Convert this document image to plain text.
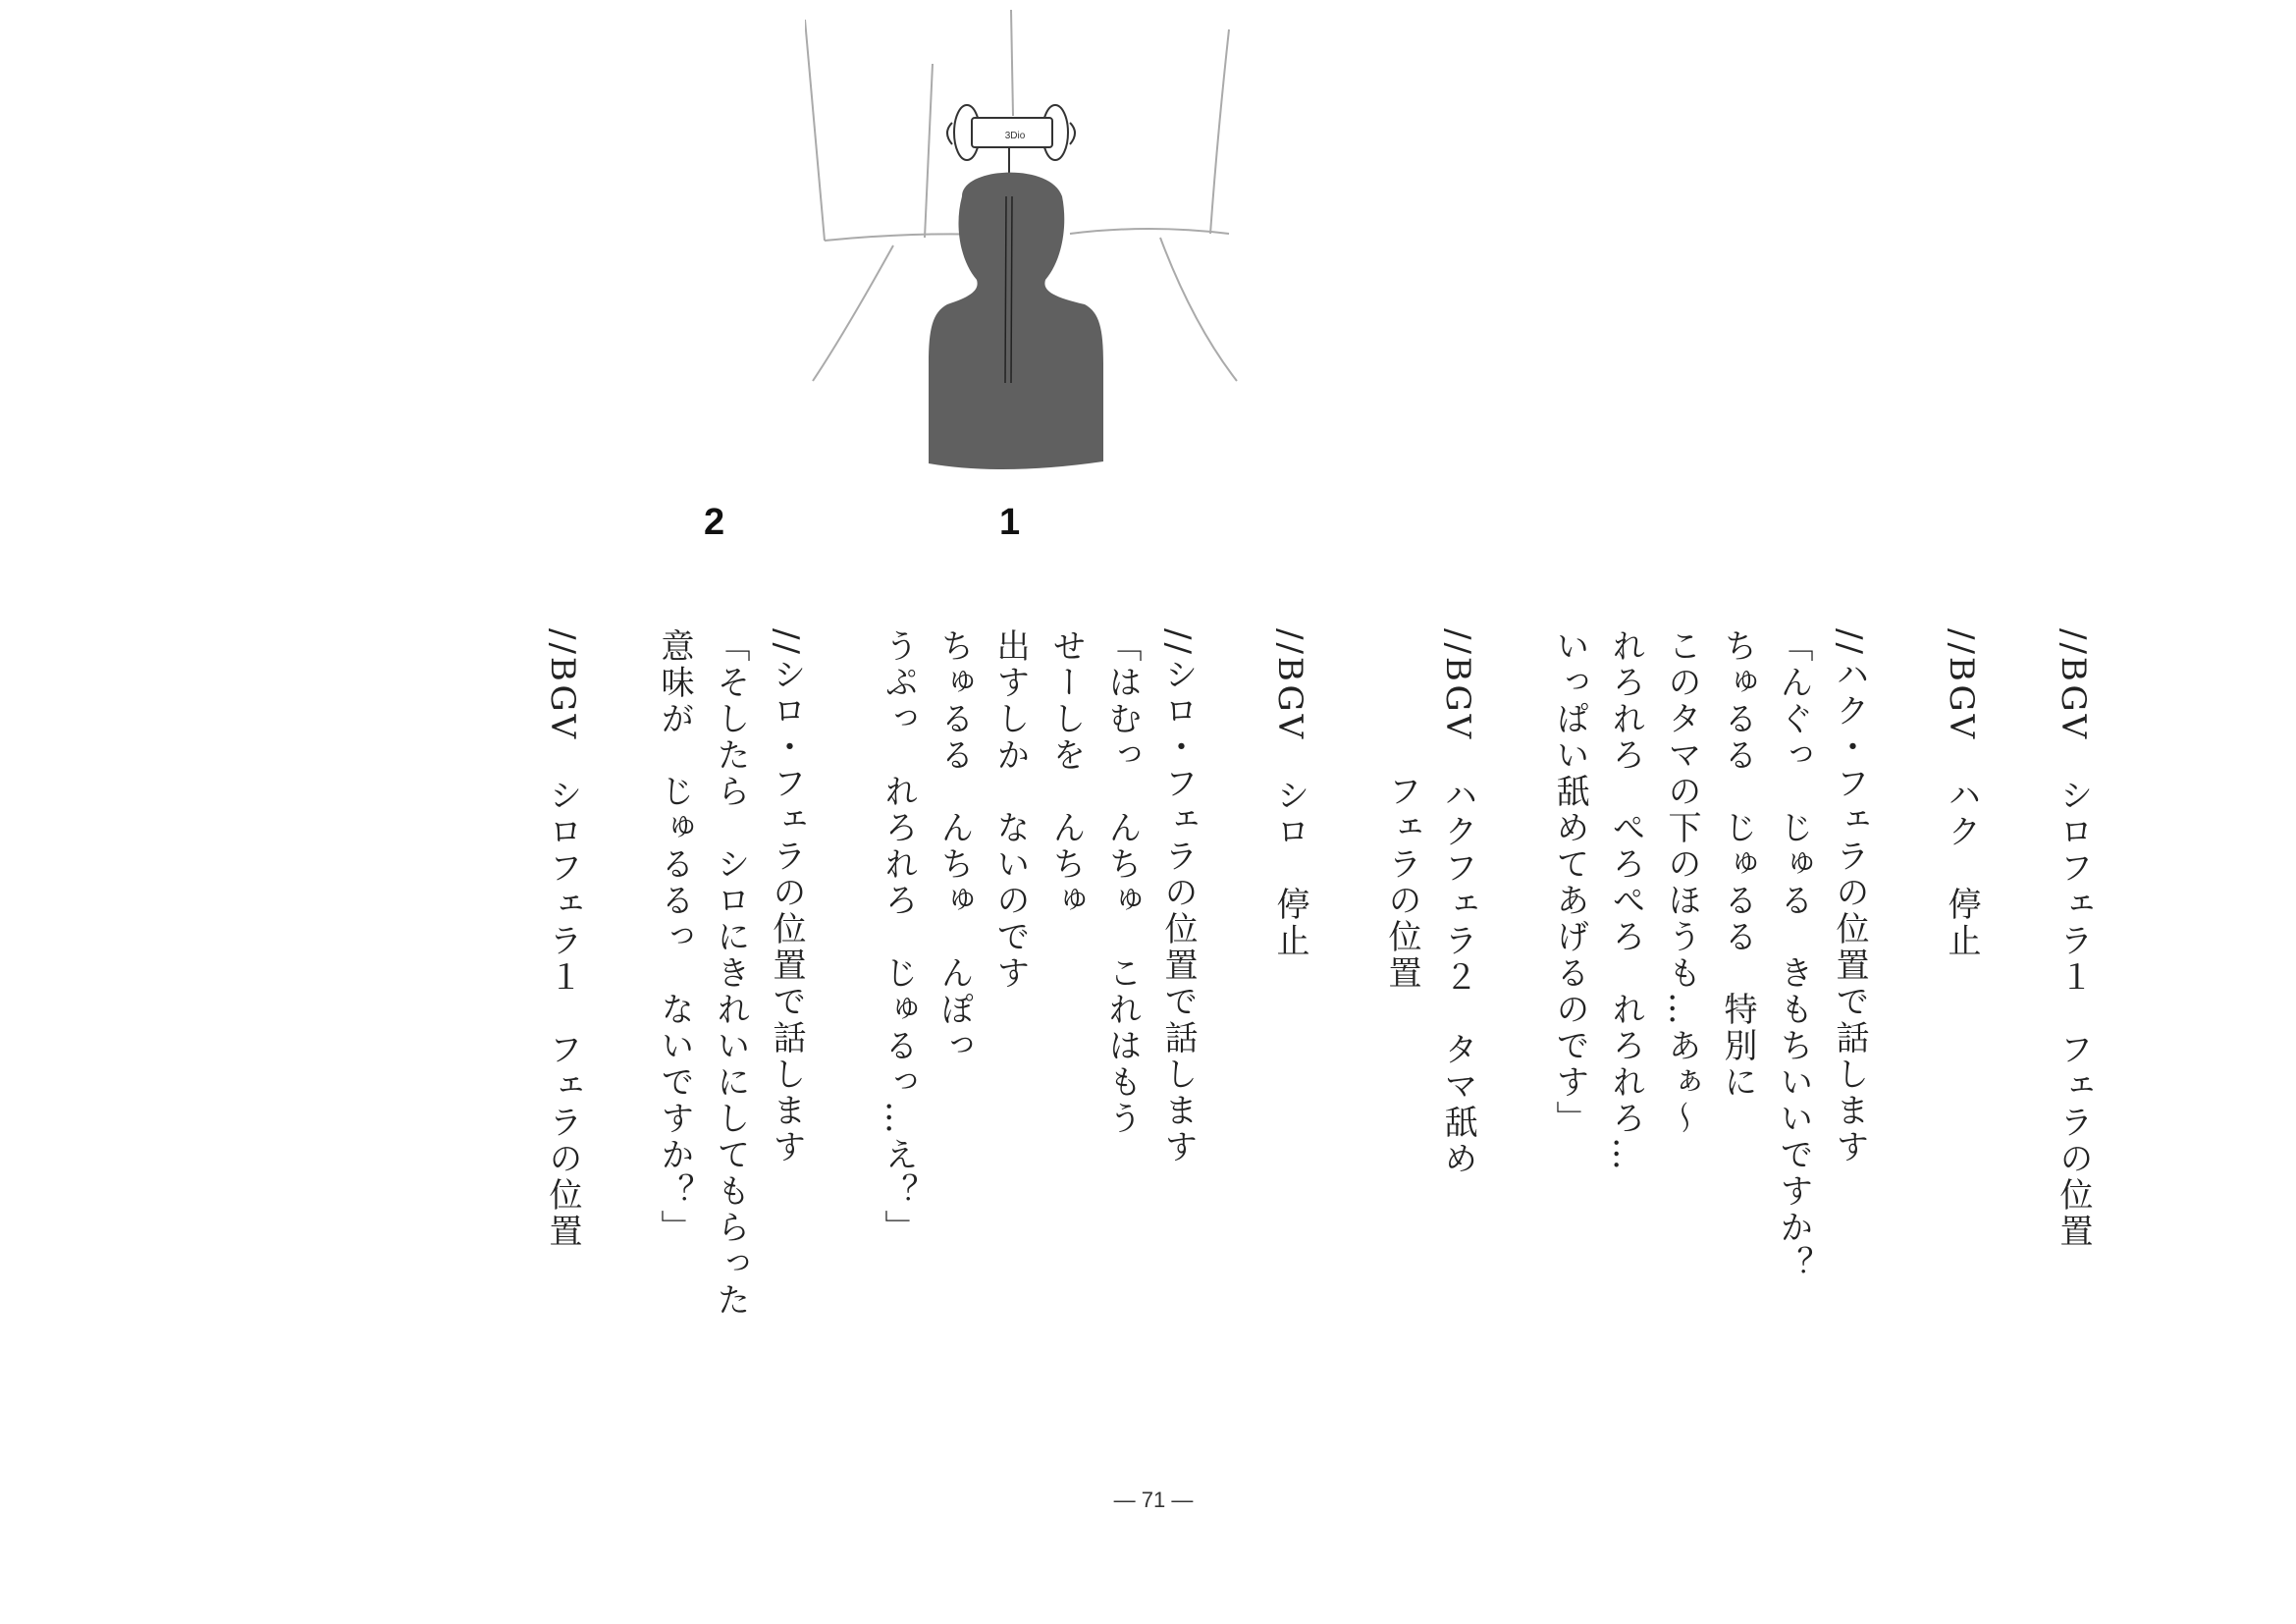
3Dio
2	1
//BGV　シロフェラ１　フェラの位置
//BGV　ハク　停止
//ハク・フェラの位置で話します
「んぐっ　じゅる　きもちいいですか？
ちゅるる　じゅるる　特別に
このタマの下のほうも…あぁ～
れろれろ　ぺろぺろ　れろれろ…
いっぱい舐めてあげるのです」
//BGV　ハクフェラ２　タマ舐め
　　　　フェラの位置
//BGV　シロ　停止
//シロ・フェラの位置で話します
「はむっ　んちゅ　これはもう
せーしを　んちゅ
出すしか　ないのです
ちゅるる　んちゅ　んぽっ
うぷっ　れろれろ　じゅるっ…え？」
//シロ・フェラの位置で話します
「そしたら　シロにきれいにしてもらった
意味が　じゅるるっ　ないですか？」
//BGV　シロフェラ１　フェラの位置
― 71 ―
